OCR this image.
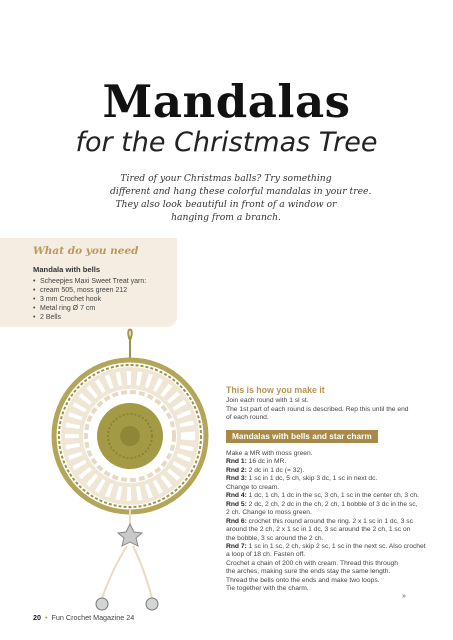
Mandalas
for the Christmas Tree

Tired of your Christmas balls? Try something
different and hang these colorful mandalas in your tree.
They also look beautiful in front of a window or
hanging from a branch.

What do you need

Mandala with bells

• Scheepjes Maxi Sweet Treat yarn:
• cream 505, moss green 212
• 3 mm Crochet hook
• Metal ring Ø 7 cm
• 2 Bells

This is how you make it

Join each round with 1 sl st.
The 1st part of each round is described. Rep this until the end
of each round.

Mandalas with bells and star charm

Make a MR with moss green.
Rnd 1: 16 dc in MR.
Rnd 2: 2 dc in 1 dc (= 32).
Rnd 3: 1 sc in 1 dc, 5 ch, skip 3 dc, 1 sc in next dc.
Change to cream.
Rnd 4: 1 dc, 1 ch, 1 dc in the sc, 3 ch, 1 sc in the center ch, 3 ch.
Rnd 5: 2 dc, 2 ch, 2 dc in the ch, 2 ch, 1 bobble of 3 dc in the sc,
2 ch. Change to moss green.
Rnd 6: crochet this round around the ring. 2 x 1 sc in 1 dc, 3 sc
around the 2 ch, 2 x 1 sc in 1 dc, 3 sc around the 2 ch, 1 sc on
the bobble, 3 sc around the 2 ch.
Rnd 7: 1 sc in 1 sc, 2 ch, skip 2 sc, 1 sc in the next sc. Also crochet
a loop of 18 ch. Fasten off.
Crochet a chain of 200 ch with cream. Thread this through
the arches, making sure the ends stay the same length.
Thread the bells onto the ends and make two loops.
Tie together with the charm.

»
20 • Fun Crochet Magazine 24
